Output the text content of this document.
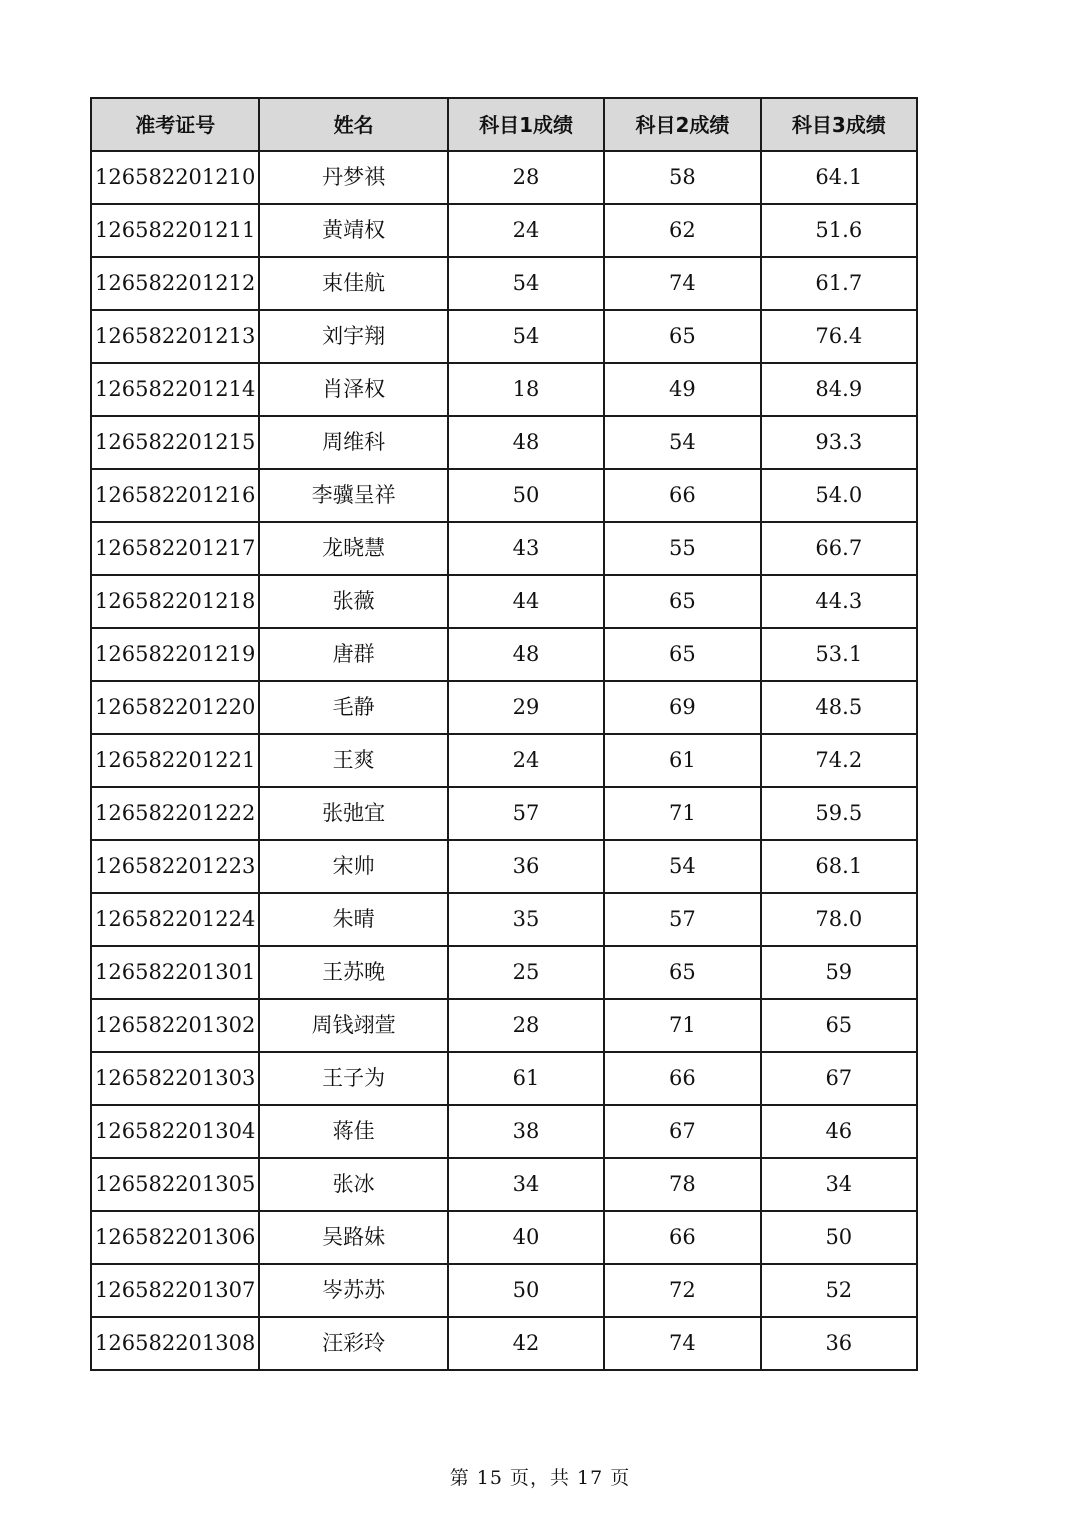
准考证号	姓名	科目1成绩	科目2成绩	科目3成绩
126582201210	丹梦祺	28	58	64.1
126582201211	黄靖权	24	62	51.6
126582201212	束佳航	54	74	61.7
126582201213	刘宇翔	54	65	76.4
126582201214	肖泽权	18	49	84.9
126582201215	周维科	48	54	93.3
126582201216	李骥呈祥	50	66	54.0
126582201217	龙晓慧	43	55	66.7
126582201218	张薇	44	65	44.3
126582201219	唐群	48	65	53.1
126582201220	毛静	29	69	48.5
126582201221	王爽	24	61	74.2
126582201222	张弛宜	57	71	59.5
126582201223	宋帅	36	54	68.1
126582201224	朱晴	35	57	78.0
126582201301	王苏晚	25	65	59
126582201302	周钱翊萱	28	71	65
126582201303	王子为	61	66	67
126582201304	蒋佳	38	67	46
126582201305	张冰	34	78	34
126582201306	吴路妹	40	66	50
126582201307	岑苏苏	50	72	52
126582201308	汪彩玲	42	74	36
第 15 页，共 17 页
